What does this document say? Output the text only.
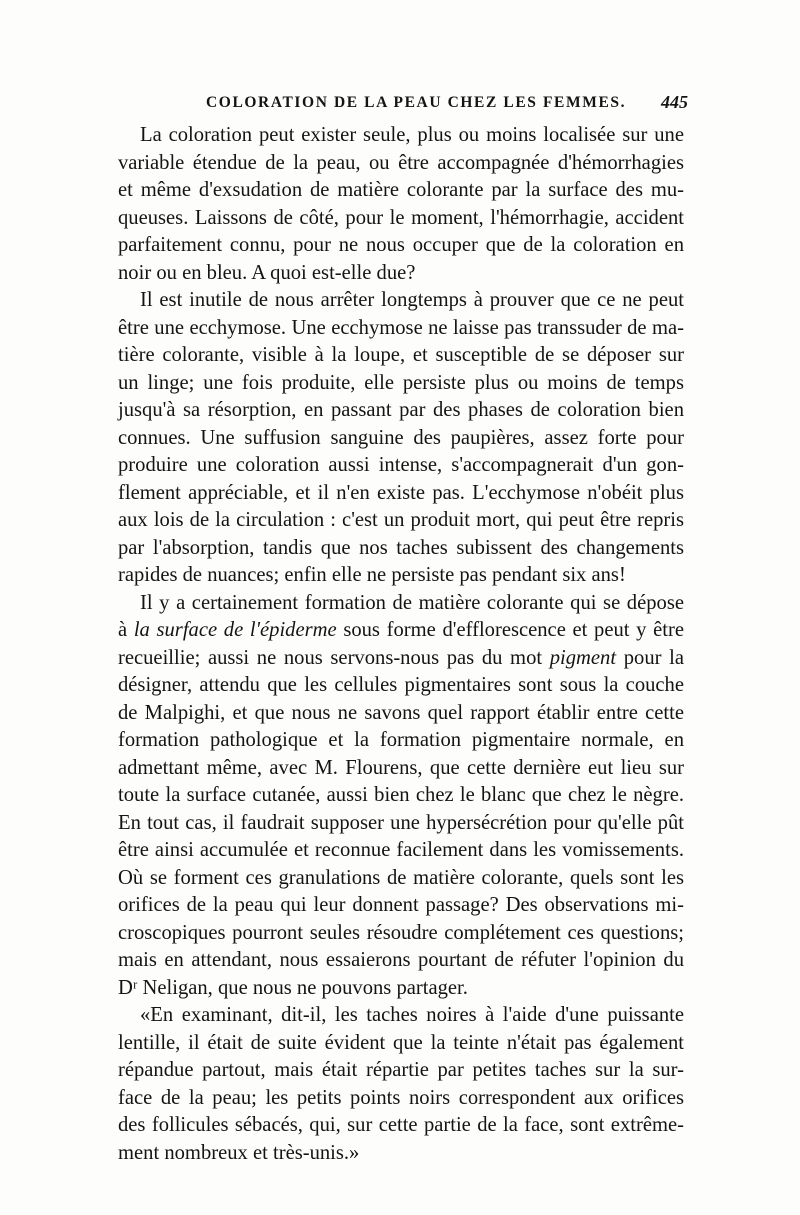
COLORATION DE LA PEAU CHEZ LES FEMMES. 445
La coloration peut exister seule, plus ou moins localisée sur une
variable étendue de la peau, ou être accompagnée d'hémorrhagies
et même d'exsudation de matière colorante par la surface des mu-
queuses. Laissons de côté, pour le moment, l'hémorrhagie, accident
parfaitement connu, pour ne nous occuper que de la coloration en
noir ou en bleu. A quoi est-elle due?
Il est inutile de nous arrêter longtemps à prouver que ce ne peut
être une ecchymose. Une ecchymose ne laisse pas transsuder de ma-
tière colorante, visible à la loupe, et susceptible de se déposer sur
un linge; une fois produite, elle persiste plus ou moins de temps
jusqu'à sa résorption, en passant par des phases de coloration bien
connues. Une suffusion sanguine des paupières, assez forte pour
produire une coloration aussi intense, s'accompagnerait d'un gon-
flement appréciable, et il n'en existe pas. L'ecchymose n'obéit plus
aux lois de la circulation : c'est un produit mort, qui peut être repris
par l'absorption, tandis que nos taches subissent des changements
rapides de nuances; enfin elle ne persiste pas pendant six ans!
Il y a certainement formation de matière colorante qui se dépose
à la surface de l'épiderme sous forme d'efflorescence et peut y être
recueillie; aussi ne nous servons-nous pas du mot pigment pour la
désigner, attendu que les cellules pigmentaires sont sous la couche
de Malpighi, et que nous ne savons quel rapport établir entre cette
formation pathologique et la formation pigmentaire normale, en
admettant même, avec M. Flourens, que cette dernière eut lieu sur
toute la surface cutanée, aussi bien chez le blanc que chez le nègre.
En tout cas, il faudrait supposer une hypersécrétion pour qu'elle pût
être ainsi accumulée et reconnue facilement dans les vomissements.
Où se forment ces granulations de matière colorante, quels sont les
orifices de la peau qui leur donnent passage? Des observations mi-
croscopiques pourront seules résoudre complétement ces questions;
mais en attendant, nous essaierons pourtant de réfuter l'opinion du
Dʳ Neligan, que nous ne pouvons partager.
«En examinant, dit-il, les taches noires à l'aide d'une puissante
lentille, il était de suite évident que la teinte n'était pas également
répandue partout, mais était répartie par petites taches sur la sur-
face de la peau; les petits points noirs correspondent aux orifices
des follicules sébacés, qui, sur cette partie de la face, sont extrême-
ment nombreux et très-unis.»
